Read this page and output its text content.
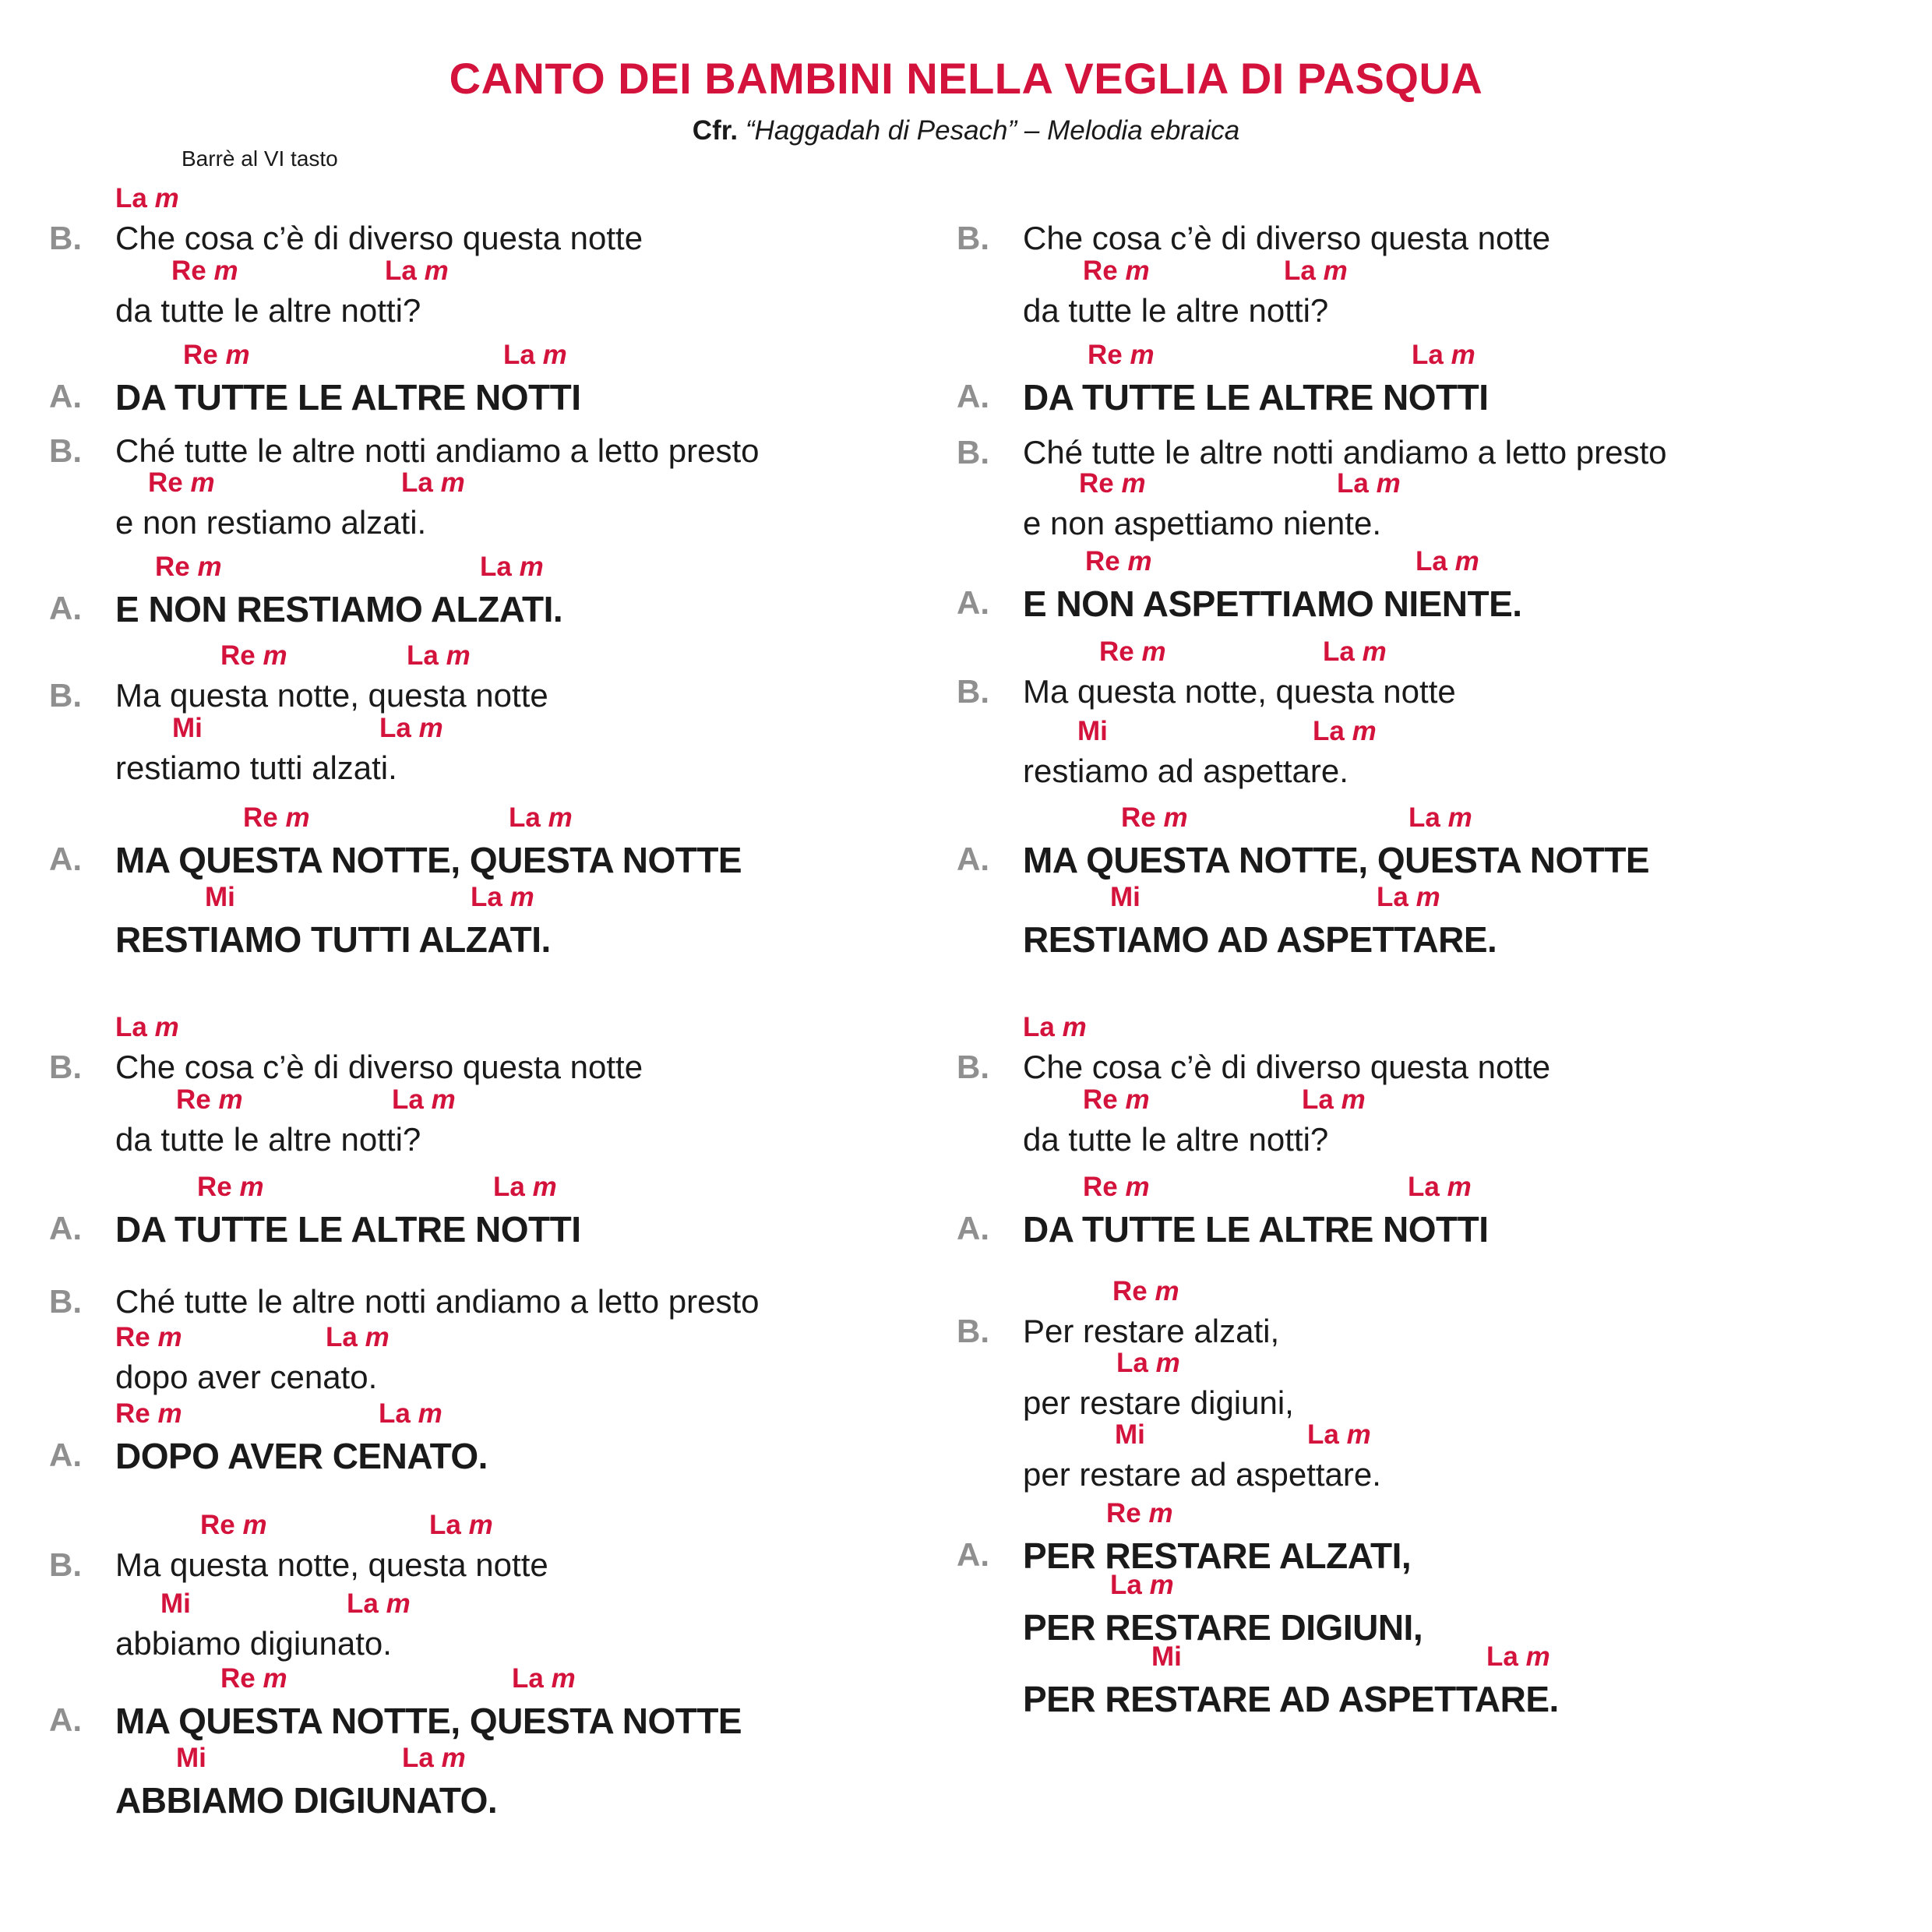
CANTO DEI BAMBINI NELLA VEGLIA DI PASQUA
Cfr. “Haggadah di Pesach” – Melodia ebraica
Barrè al VI tasto
B. Che cosa c’è di diverso questa notte
La m
da tutte le altre notti?
Re m	La m
A. DA TUTTE LE ALTRE NOTTI
Re m	La m
B. Ché tutte le altre notti andiamo a letto presto
e non restiamo alzati.
Re m	La m
A. E NON RESTIAMO ALZATI.
Re m	La m
B. Ma questa notte, questa notte
Re m	La m
restiamo tutti alzati.
Mi	La m
A. MA QUESTA NOTTE, QUESTA NOTTE
Re m	La m
RESTIAMO TUTTI ALZATI.
Mi	La m
B. Che cosa c’è di diverso questa notte
La m
da tutte le altre notti?
Re m	La m
A. DA TUTTE LE ALTRE NOTTI
Re m	La m
B. Ché tutte le altre notti andiamo a letto presto
dopo aver cenato.
Re m	La m
A. DOPO AVER CENATO.
Re m	La m
B. Ma questa notte, questa notte
Re m	La m
abbiamo digiunato.
Mi	La m
A. MA QUESTA NOTTE, QUESTA NOTTE
Re m	La m
ABBIAMO DIGIUNATO.
Mi	La m
B. Che cosa c’è di diverso questa notte
da tutte le altre notti?
Re m	La m
A. DA TUTTE LE ALTRE NOTTI
Re m	La m
B. Ché tutte le altre notti andiamo a letto presto
e non aspettiamo niente.
Re m	La m
A. E NON ASPETTIAMO NIENTE.
Re m	La m
B. Ma questa notte, questa notte
Re m	La m
restiamo ad aspettare.
Mi	La m
A. MA QUESTA NOTTE, QUESTA NOTTE
Re m	La m
RESTIAMO AD ASPETTARE.
Mi	La m
B. Che cosa c’è di diverso questa notte
La m
da tutte le altre notti?
Re m	La m
A. DA TUTTE LE ALTRE NOTTI
Re m	La m
B. Per restare alzati,
Re m
per restare digiuni,
La m
per restare ad aspettare.
Mi	La m
A. PER RESTARE ALZATI,
Re m
PER RESTARE DIGIUNI,
La m
PER RESTARE AD ASPETTARE.
Mi	La m
